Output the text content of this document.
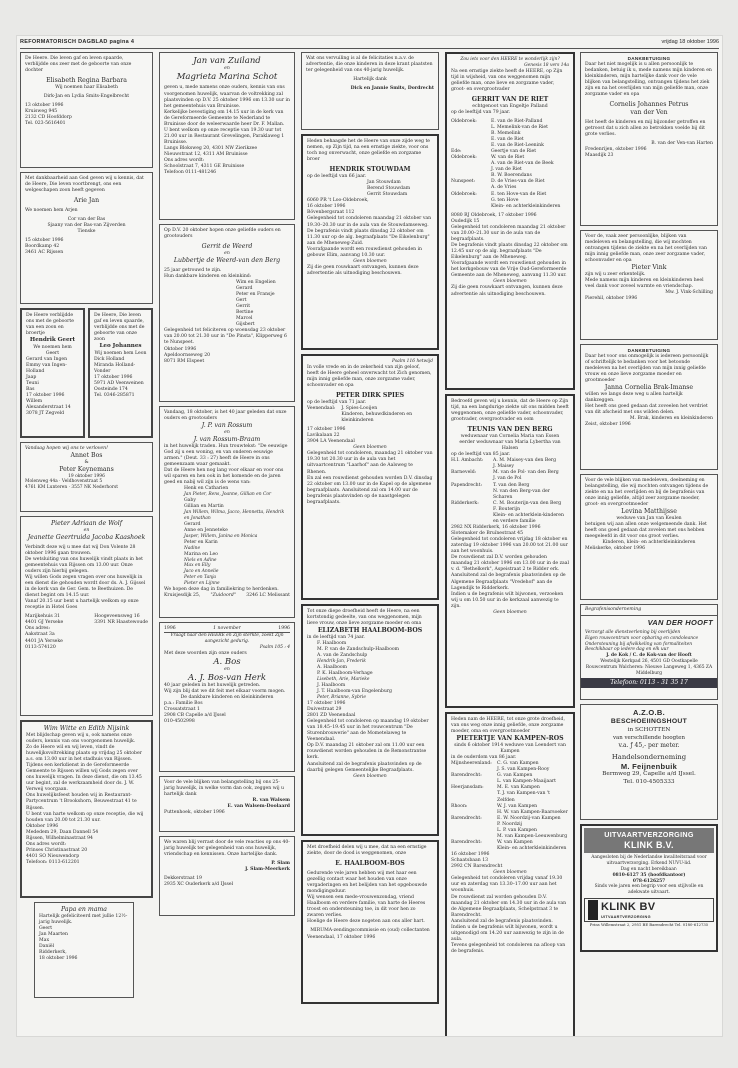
REFORMATORISCH DAGBLAD pagina 4	vrijdag 18 oktober 1996
De Heere. Die leven gaf en leven spaarde, verblijdde ons zeer met de geboorte van onze dochter
Elisabeth Regina Barbara
Wij noemen haar Elisabeth
Dirk-Jan en Lydia Smits-Engelbrecht
13 oktober 1996
Kruisweg 945
2132 CD Hoofddorp
Tel. 023-5616401
Met dankbaarheid aan God geven wij u kennis, dat de Heere, Die leven voortbrengt, ons een welgeschapen zoon heeft gegeven
Arie Jan
We noemen hem Arjen
Cor van der Bas
Sjaany van der Bas-van Zijverden
Tienske
15 oktober 1996
Boordkamp 42
3461 AC Rijssen
De Heere verblijdde ons met de geboorte van een zoon en broertje
Hendrik Geert
We noemen hem Geert
Gerard van Ingen
Emmy van Ingen-Holland
Jaap
Teuni
Bas
17 oktober 1996
Willem
Alexanderstraat 14
3078 JT Zegveld
De Heere, Die leven gaf en leven spaarde, verblijdde ons met de geboorte van onze zoon
Leo Johannes
Wij noemen hem Leon
Dick Holland
Miranda Holland-Vonder
17 oktober 1996
5971 AD Veenweinen
Oosteinde 174
Tel. 0346-285871
Vandaag hopen wij ons te verloven!
Annet Bos
&
Peter Keynemans
19 oktober 1996
Molenweg 44a · Veldhovenstraat 5
4761 KM Lunteren · 3557 NK Nederhorst
Pieter Adriaan de Wolf
en
Jeanette Geertruida Jacoba Kaashoek
Verbindt deze wij u mee dat wij Don Volente 28 oktober 1996 gaan trouwen.
De wetsluiting van ons huwelijk vindt plaats in het gemeentehuis van Rijssen om 13.00 uur. Onze ouders zijn hierbij gelegen.
Wij willen Gods zegen vragen over ons huwelijk in een dienst die gehouden wordt door ds. A. J. Gijssel in de kerk van de Ger. Gem. te Beethuizen. De dienst begint om 14.15 uur.
Vanaf 20.15 uur bent u hartelijk welkom op onze receptie in Hotel Goes
Marijkehuis 31
4401 GJ Yerseke
Hoogeveensweg 16
3391 NR Haastewoude
Ons adres:
Aakstraat 3a
4401 JA Yerseke
0113-574120
Wim Witte en Edith Nijsink
Met blijdschap geven wij u, ook namens onze ouders, kennis van ons voorgenomen huwelijk.
Zo de Heere wil en wij leven, vindt de huwelijksvoltrekking plaats op vrijdag 25 oktober a.s. om 13.00 uur in het stadhuis van Rijssen.
Tijdens een kerkdienst in de Gereformeerde Gemeente te Rijssen willen wij Gods zegen over ons huwelijk vragen. In deze dienst, die om 13.45 uur begint, zal de werkzaamheid door ds. J. W. Verweij voorgaan.
Ons huwelijksfeest houden wij in Restaurant-Partycentrum 't Brookshorn, Beuwestraat 41 te Rijssen.
U bent van harte welkom op onze receptie, die wij houden van 20.00 tot 21.30 uur.
Oktober 1996
Mededem 29, Daan Dannell 54
Rijssen, Wilhelminastraat 94
Ons adres wordt:
Prinses Christinastraat 20
4401 SO Nieuwendorp
Telefoon: 0113-612201
Papa en mama
Hartelijk gefeliciteerd met jullie 12½-jarig huwelijk.
Geert
Jan Maarten
Max
Daniël
Ridderkerk,
18 oktober 1996
Jan van Zuiland
en
Magrieta Marina Schot
geven u, mede namens onze ouders, kennis van ons voorgenomen huwelijk, waarvan de voltrekking zal plaatsvinden op D.V. 25 oktober 1996 om 13.30 uur in het gemeentehuis van Bruinisse.
Kerkelijke bevestiging om 14.15 uur in de kerk van de Gereformeerde Gemeente te Nederland te Bruinisse door de weleerwaarde heer Dr. F. Mallan.
U bent welkom op onze receptie van 19.30 uur tot 21.00 uur in Restaurant Grevelingen, Paraklaweg 1 Bruinisse.
Langs Bloksweg 20, 4301 NW Zierikzee
Nieuwstraat 12, 4311 AM Bruinisse
Ons adres wordt:
Schoolstraat 7, 4311 GE Bruinisse
Telefoon 0111-481246
Op D.V. 20 oktober hopen onze geliefde ouders en grootouders
Gerrit de Weerd
en
Lubbertje de Weerd-van den Berg
25 jaar getrouwd te zijn.
Hun dankbare kinderen en kleinkind:
Wim en Engelien
Gerard
Peter en Fransje
Gert
Gerrit
Bertine
Marcel
Gijsbert
Gelegenheid tot feliciteren op woensdag 23 oktober van 20.00 tot 21.30 uur in "De Pinsta", Klipperweg 6 te Nunspeet.
Oktober 1996
Apeldoornseweg 20
8071 RM Elspeet
Vandaag, 18 oktober, is het 40 jaar geleden dat onze ouders en grootouders
J. P. van Rossum
en
J. van Rossum-Braam
in het huwelijk traden. Hun trouwtekst: "De eeuwige God zij u een woning, en van onderen eeuwige armen." (Deut. 33 : 27) heeft de Heere in ons gemeenzaam waar gemaakt.
Dat de Heere hen nog lang voor elkaar en voor ons wil sparen en hen ook in het komende en de jaren geed en nabij wil zijn is de wens van:
Henk en Catharien
Jan Pieter, Rens, Joanne, Gillian en Cor
Gaby
Gillian en Martin
Jan Willem, Wilma, Jacco, Hennetta, Hendrik en Jonathan
Gerard
Anne en Jenneteke
Jasper, Willem, Janina en Monica
Peter en Karin
Nadine
Marina en Leo
Niels en Adine
Max en Elly
Jaco en Annelie
Peter en Tanja
Pieter en Lijnne
We hopen deze dag in familiekring te herdenken.
Kruisjesdijk 25, "Zuidoord" 3246 LC Melissant
1996	1 november	1996
Vraagt naar den HEERE en Zijn sterkte, zoekt Zijn aangezicht gedurig.
Psalm 105 : 4
Met deze woorden zijn onze ouders
A. Bos
en
A. J. Bos-van Herk
40 jaar geleden in het huwelijk getreden.
Wij zijn blij dat we dit feit met elkaar voorm mogen.
De dankbare kinderen en kleinkinderen
p.a.: Familie Bos
Crossatstraat 1
2908 CB Capelle a/d IJssel
010-4502998
Voor de vele blijken van belangstelling bij ons 25-jarig huwelijk, in welke vorm dan ook, zeggen wij u hartelijk dank
R. van Walsem
E. van Walsem-Doolaard
Puttenhoek, oktober 1996
We waren blij verrast door de vele reacties op ons 40-jarig huwelijk ter gelegenheid van ons huwelijk, vriendschap en kennissen. Onze hartelijke dank.
P. Slam
J. Slam-Meerkerk
Dekkerstraat 19
2935 XC Ouderkerk a/d IJssel
Wat ons vervuiling is al de felicitaties n.a.v. de advertentie, die onze kinderen in deze krant plaatsten ter gelegenheid van ons 40-jarig huwelijk.
Hartelijk dank
Dick en Jannie Smits, Dordrecht
Heden behaagde het de Heere van onze zijde weg te nemen, op Zijn tijd, na een ernstige ziekte, voor ons toch nog onverwacht, onze geliefde en zorgzame broer
HENDRIK STOUWDAM
op de leeftijd van 66 jaar.
Jan Stouwdam
Berend Stouwdam
Gerrit Stouwdam
6060 PR 't Loo-Oldebroek,
16 oktober 1996
Bövenbergsraat 112
Gelegenheid tot condoleren maandag 21 oktober van 19.30–20.30 uur in de aula van de Stouwdamseweg.
De begrafenis vindt plaats dinsdag 22 oktober om 11.30 uur op de alg. begraafplaats "De Eikelenburg" aan de Mheneweg-Zuid.
Voorafgaande wordt een rouwdienst gehouden in gebouw Elim, aanvang 10.30 uur.
Geen bloemen
Zij die geen rouwkaart ontvangen, kunnen deze advertentie als uitnodiging beschouwen.
Psalm 116 hetwijd
In volle vrede en in de zekerheid van zijn geloof, heeft de Heere geheel onverwacht tot Zich genomen, mijn innig geliefde man, onze zorgzame vader, schoonvader en opa
PETER DIRK SPIES
op de leeftijd van 71 jaar.
Veenendaal: J. Spies-Looijen
Kinderen, behuwdkinderen en kleinkinderen
17 oktober 1996
Lavikalaan 22
3904 LA Veenendaal
Geen bloemen
Gelegenheid tot condoleren, maandag 21 oktober van 19.30 tot 20.30 uur in de aula van het uitvaartcentrum "Laarhof" aan de Aalsweg te Rhenen.
En zal een rouwdienst gehouden worden D.V. dinsdag 22 oktober om 13.00 uur in de Kapel op de algemene begraafplaats. Aansluitend zal om 14.00 uur de begrafenis plaatsvinden op de naastgelegen begraafplaats.
Tot onze diepe droefheid heeft de Heere, na een kortstondig gedeelte, van ons weggenomen, mijn lieve vrouw, onze lieve zorgzame moeder en oma
ELIZABETH HAALBOOM-BOS
in de leeftijd van 74 jaar.
F. Haalboom
M. P. van de Zandschulp-Haalboom
A. van de Zandschulp
Hendrik-Jan, Frederik
A. Haalboom
P. K. Haalboom-Verhage
Lisebeth, Arie, Marieke
J. Haalboom
J. T. Haalboom-van Engelenburg
Peter, Brianne, Sybrie
17 oktober 1996
Duivestraat 29
2801 ZD Veenendaal
Gelegenheid tot condoleren op maandag 19 oktober van 18.45–19.45 uur in het rouwcentrum "De Sturenbrouwerie" aan de Mometelaweg te Veenendaal.
Op D.V. maandag 21 oktober zal om 11.00 uur een rouwdienst worden gehouden in de Remonstrantse kerk.
Aansluitend zal de begrafenis plaatsvinden op de daarbij gelegen Gemeentelijke Begraafplaats.
Geen bloemen
Met droefheid delen wij u mee, dat na een ernstige ziekte, door de dood is weggenomen, onze
E. HAALBOOM-BOS
Gedurende vele jaren hebben wij met haar een gezellig contact waar het houden van onze vergaderingen en het belijden van het opgebouwde mondigingsduur.
Wij wensen een mede-vrouwenzondag, vriend Haalboom en verdere familie, van harte de Heeres troost en ondersteuning toe, in dit voor hen zo zwaren verlies.
Hoelige de Heere deze nogeten aan ons aller hart.
MIRUMA-zendingscommissie en (oud) collectanten
Veenendaal, 17 oktober 1996
Zou iets voor den HEERE te wonderlijk zijn?
Genesis 18 vers 14a
Na een ernstige ziekte heeft de HEERE, op Zijn tijd in wijsheid, van ons weggenomen mijn geliefde man, onze lieve en zorgzame vader, groot- en overgrootvader
GERRIT VAN DE RIET
echtgenoot van Engeltje Palland
op de leeftijd van 79 jaar.
Oldebroek:	E. van de Riet-Palland
L. Memelink-van de Riet
B. Memelink
E. van de Riet
E. van de Riet-Leenink
Ede:	Geertje van de Riet
Oldebroek:	W. van de Riet
A. van de Riet-van de Beek
J. van de Riet
B. W. Boerendans
Nunspeet:	D. de Vries-van de Riet
A. de Vries
Oldebroek:	E. ten Hove-van de Riet
G. ten Hove
Klein- en achterkleinkinderen
8080 RJ Oldebroek, 17 oktober 1996
Oudedijk 15
Gelegenheid tot condoleren maandag 21 oktober van 20.00–21.30 uur in de aula van de begraafplaats.
De begrafenis vindt plaats dinsdag 22 oktober om 12.45 uur op de alg. begraafplaats "De Eikelenburg" aan de Mheneweg.
Voorafgaande wordt een rouwdienst gehouden in het kerkgebouw van de Vrije Oud-Gereformeerde Gemeente aan de Mheneweg, aanvang 11.30 uur.
Geen bloemen
Zij die geen rouwkaart ontvangen, kunnen deze advertentie als uitnodiging beschouwen.
Bedroefd geven wij u kennis, dat de Heere op Zijn tijd, na een langdurige ziekte uit ons midden heeft weggenomen, onze geliefde vader, schoonvader, grootvader, overgrootvader en oom
TEUNIS VAN DEN BERG
weduwnaar van Cornelia Maria van Essen
eerder weduwnaar van Maria Lybertha van Halsen
op de leeftijd van 85 jaar.
H.I. Ambacht:	A. M. Maisey-van den Berg
J. Maisey
Barneveld:	M. van de Pol- van den Berg
J. van de Pol
Papendrecht:	T. van den Berg
N. van den Berg-van der Scharen
Ridderkerk:	C. M. Bouterijn-van den Berg
F. Bouterijn
Klein- en achterklein-kinderen en verdere familie
2982 NX Ridderkerk, 16 oktober 1996
Slotemaker de Bruïnestraat 45
Gelegenheid tot condoleren vrijdag 18 oktober en zaterdag 19 oktober 1996 van 20.00 tot 21.00 uur aan het woonhuis.
De rouwdienst zal D.V. worden gehouden maandag 21 oktober 1996 om 13.00 uur in de zaal v. d. "Bethelkerk", Aspeistraat 2 te Ridder erk.
Aansluitend zal de begrafenis plaatsvinden op de Algemene Begraafplaats "Vredehof" aan de Lagendijk te Ridderkerk.
Indien u de begrafenis wilt bijwonen, verzoeken wij u om 10.50 uur in de kerkzaal aanwezig te zijn.
Geen bloemen
Heden nam de HEERE, tot onze grote droefheid, van ons weg onze innig geliefde, onze zorgzame moeder, oma en overgrootmoeder
PIETERTJE VAN KAMPEN-ROS
sinds 6 oktober 1914 weduwe van Leendert van Kampen
in de ouderdom van 86 jaar.
Mijnsheerenland:	C. G. van Kampen
J. S. van Kampen-Rooy
Barendrecht:	G. van Kampen
L. van Kampen-Maaijaart
Heerjansdam:	M. E. van Kampen
T. J. van Kampen-van 't Zelfden
Rhoon:	W. J. van Kampen
H. W. van Kampen-Baarsoeker
Barendrecht:	E. W. Noordzij-van Kampen
P. Noordzij
L. P. van Kampen
M. van Kampen-Leeuwenburg
Barendrecht:	W. van Kampen
Klein- en achterkleinkinderen
16 oktober 1996
Schaatsbaan 13
2992 CN Barendrecht
Geen bloemen
Gelegenheid tot condoleren vrijdag vanaf 19.30 uur en zaterdag van 13.30–17.00 uur aan het woonhuis.
De rouwdienst zal worden gehouden D.V. maandag 21 oktober om 14.30 uur in de aula van de Algemene Begraafplaats, Schelpstraat 3 te Barendrecht.
Aansluitend zal de begrafenis plaatsvinden.
Indien u de begrafenis wilt bijwonen, wordt u uitgenodigd om 14.20 uur aanwezig te zijn in de aula.
Tevens gelegenheid tot condoleren na afloop van de begrafenis.
DANKBETUIGING
Daar het niet mogelijk is u allen persoonlijk te bedanken, betuig ik u, mede namens mijn kinderen en kleinkinderen, mijn hartelijke dank voor de vele blijken van belangstelling, ontvangen tijdens het ziek zijn en na het overlijden van mijn geliefde man, onze zorgzame vader en opa
Cornelis Johannes Petrus
van der Ven
Het heeft de kinderen en mij bijzonder getroffen en getroost dat u zich allen zo betrokken voelde bij dit grote verlies.
B. van der Ven-van Harten
Fredenrijen, oktober 1996
Maasdijk 23
Voor de, vaak zeer persoonlijke, blijken van medeleven en belangstelling, die wij mochten ontvangen tijdens de ziekte en na het overlijden van mijn innig geliefde man, onze zeer zorgzame vader, schoonvader en opa
Pieter Vink
zijn wij u zeer erkentelijk.
Mede namens mijn kinderen en kleinkinderen heel veel dank voor zoveel warmte en vriendschap.
Mw. J. Vink-Schilling
Pierehil, oktober 1996
DANKBETUIGING
Daar het voor ons onmogelijk is iedereen persoonlijk of schriftelijk te bedanken voor het betoonde medeleven na het overlijden van mijn innig geliefde vrouw en onze lieve zorgzame moeder en grootmoeder
Janna Cornelia Brak-Imanse
willen we langs deze weg u allen hartelijk dankzeggen.
Het heeft ons goed gedaan dat zoveelen het verdriet van dit afscheid met ons wilden delen.
M. Brak, kinderen en kleinkinderen
Zeist, oktober 1996
Voor de vele blijken van medeleven, deelneming en belangstelling, die wij mochten ontvangen tijdens de ziekte en na het overlijden en bij de begrafenis van onze innig geliefde, altijd zeer zorgzame moeder, groot- en overgrootmoeder
Levina Matthijsse
weduwe van Jan van Keulen
betuigen wij aan allen onze welgemeende dank. Het heeft ons goed gedaan dat zovelen met ons hebben meegeleefd in dit voor ons groot verlies.
Kinderen, klein- en achterkleinkinderen
Meliskerke, oktober 1996
Begrafenisonderneming
VAN DER HOOFT
Verzorgt alle dienstverlening bij overlijden
Eigen rouwcentrum voor opbaring en condoleance
Ondersteuning bij afwikkeling van formaliteiten
Beschikbaar op iedere dag en elk uur
J. de Kok / C. de Kok-van der Hooft
Westelijk Kerkpad 26, 4501 GD Oostkapelle
Rouwcentrum Walcheren: Nieuwe Langeweg 1, 4365 ZA Middelburg
Telefoon: 0113 - 31 35 17
A.Z.O.B.
BESCHOEIINGSHOUT
in SCHOTTEN
van verschillende hoogten
v.a. ƒ 45,- per meter.
Handelsonderneming
M. Feijnenbuik
Bermweg 29, Capelle a/d IJssel.
Tel. 010-4505333
UITVAARTVERZORGING
KLINK B.V.
Aangesloten bij de Nederlandse kwaliteitsraad voor uitvaartverzorging. Erkend NUVU-lid.
Dag en nacht bereikbaar:
0810-6127 35 (hoofdkantoor)
078-6126257
Sinds vele jaren een begrip voor een stijlvolle en adekwate uitvaart.
KLINK BV
UITVAARTVERZORGING
Prins Willemstraat 2, 2951 BE Barendrecht Tel. 0180-612735
